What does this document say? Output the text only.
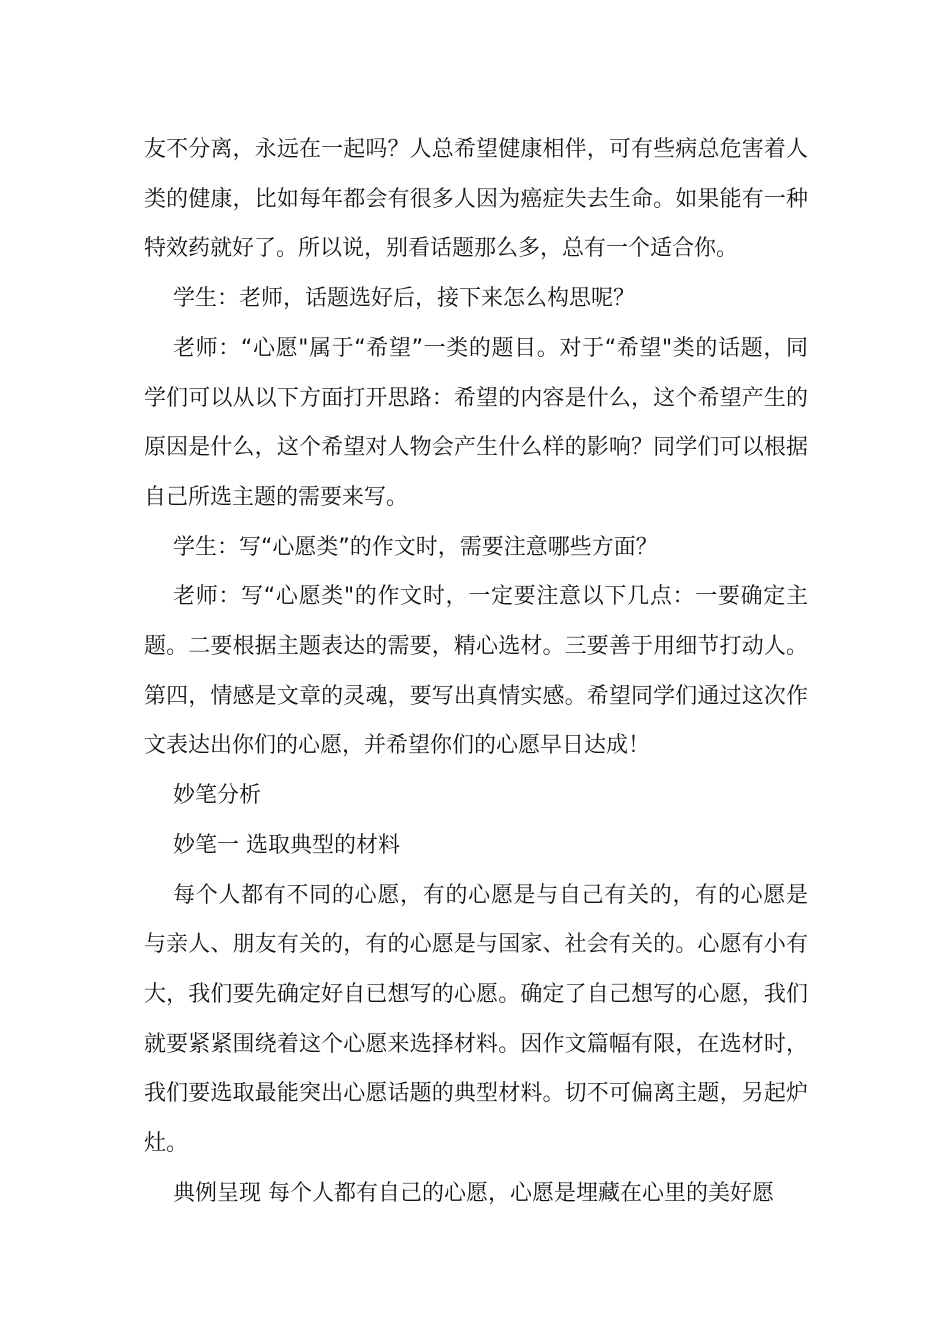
友不分离，永远在一起吗？人总希望健康相伴，可有些病总危害着人类的健康，比如每年都会有很多人因为癌症失去生命。如果能有一种特效药就好了。所以说，别看话题那么多，总有一个适合你。

学生：老师，话题选好后，接下来怎么构思呢？

老师：“心愿"属于“希望”一类的题目。对于“希望"类的话题，同学们可以从以下方面打开思路：希望的内容是什么，这个希望产生的原因是什么，这个希望对人物会产生什么样的影响？同学们可以根据自己所选主题的需要来写。

学生：写“心愿类”的作文时，需要注意哪些方面？

老师：写“心愿类"的作文时，一定要注意以下几点：一要确定主题。二要根据主题表达的需要，精心选材。三要善于用细节打动人。第四，情感是文章的灵魂，要写出真情实感。希望同学们通过这次作文表达出你们的心愿，并希望你们的心愿早日达成！

妙笔分析

妙笔一 选取典型的材料

每个人都有不同的心愿，有的心愿是与自己有关的，有的心愿是与亲人、朋友有关的，有的心愿是与国家、社会有关的。心愿有小有大，我们要先确定好自已想写的心愿。确定了自己想写的心愿，我们就要紧紧围绕着这个心愿来选择材料。因作文篇幅有限，在选材时，我们要选取最能突出心愿话题的典型材料。切不可偏离主题，另起炉灶。

典例呈现 每个人都有自己的心愿，心愿是埋藏在心里的美好愿
